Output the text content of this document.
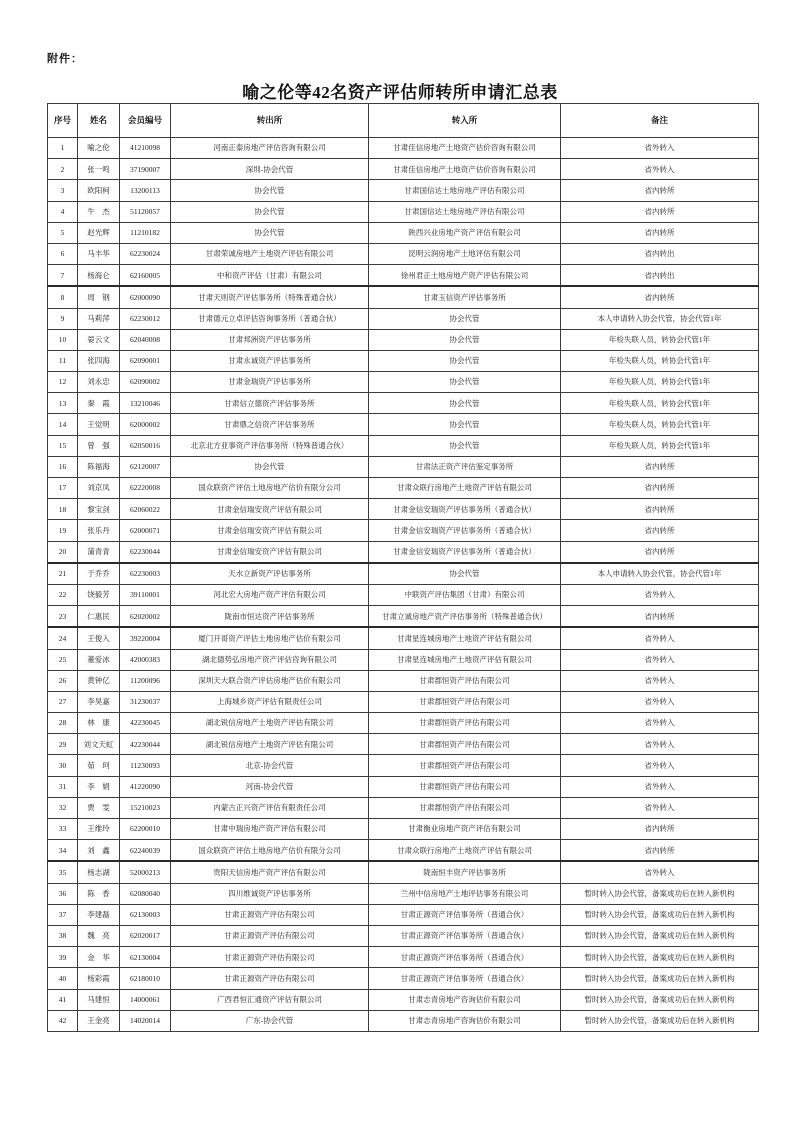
附件：
喻之伦等42名资产评估师转所申请汇总表
序号	姓名	会员编号	转出所	转入所	备注
1	喻之伦	41210098	河南正泰房地产评估咨询有限公司	甘肃佳信房地产土地资产估价咨询有限公司	省外转入
2	张一鸣	37190007	深圳-协会代管	甘肃佳信房地产土地资产估价咨询有限公司	省外转入
3	欧阳柯	13200113	协会代管	甘肃国信达土地房地产评估有限公司	省内转所
4	牛　杰	51120057	协会代管	甘肃国信达土地房地产评估有限公司	省内转所
5	赵光辉	11210182	协会代管	陕西兴业房地产资产评估有限公司	省内转所
6	马丰华	62230024	甘肃荣诚房地产土地资产评估有限公司	昆明云润房地产土地评估有限公司	省内转出
7	杨海仑	62160005	中和资产评估（甘肃）有限公司	徐州君正土地房地产资产评估有限公司	省内转出
8	周　钢	62000090	甘肃天则资产评估事务所（特殊普通合伙）	甘肃玉信资产评估事务所	省内转所
9	马莉萍	62230012	甘肃德元立卓评估咨询事务所（普通合伙）	协会代管	本人申请转入协会代管，协会代管1年
10	晏云文	62040008	甘肃邦洲资产评估事务所	协会代管	年检失联人员，转协会代管1年
11	张四海	62090001	甘肃永诚资产评估事务所	协会代管	年检失联人员，转协会代管1年
12	刘永忠	62090002	甘肃金瑞资产评估事务所	协会代管	年检失联人员，转协会代管1年
13	秦　霞	13210046	甘肃信立德资产评估事务所	协会代管	年检失联人员，转协会代管1年
14	王觉明	62000002	甘肃鼎之信资产评估事务所	协会代管	年检失联人员，转协会代管1年
15	曾　强	62050016	北京北方亚事资产评估事务所（特殊普通合伙）	协会代管	年检失联人员，转协会代管1年
16	陈福海	62120007	协会代管	甘肃法正资产评估鉴定事务所	省内转所
17	刘京凤	62220008	国众联资产评估土地房地产估价有限分公司	甘肃众联行房地产土地资产评估有限公司	省内转所
18	黎宝剑	62060022	甘肃金信瑞安资产评估有限公司	甘肃金信安瑞资产评估事务所（普通合伙）	省内转所
19	张乐丹	62000071	甘肃金信瑞安资产评估有限公司	甘肃金信安瑞资产评估事务所（普通合伙）	省内转所
20	蒲青青	62230044	甘肃金信瑞安资产评估有限公司	甘肃金信安瑞资产评估事务所（普通合伙）	省内转所
21	于乔乔	62230003	天水立新资产评估事务所	协会代管	本人申请转入协会代管，协会代管1年
22	饶毅芳	39110001	河北宏大房地产资产评估有限公司	中联资产评估集团（甘肃）有限公司	省外转入
23	仁惠民	62020002	陇南市恒达资产评估事务所	甘肃立诚房地产资产评估事务所（特殊普通合伙）	省内转所
24	王俊入	39220004	厦门开哥资产评估土地房地产估价有限公司	甘肃星连城房地产土地资产评估有限公司	省外转入
25	董爱冰	42000383	湖北德势弘房地产资产评估咨询有限公司	甘肃星连城房地产土地资产评估有限公司	省外转入
26	黄钟亿	11200096	深圳天大联合资产评估房地产估价有限公司	甘肃郡恒资产评估有限公司	省外转入
27	李昊嘉	31230037	上海城乡资产评估有限责任公司	甘肃郡恒资产评估有限公司	省外转入
28	林　康	42230045	湖北锐信房地产土地资产评估有限公司	甘肃郡恒资产评估有限公司	省外转入
29	刘文天虹	42230044	湖北锐信房地产土地资产评估有限公司	甘肃郡恒资产评估有限公司	省外转入
30	茹　珂	11230093	北京-协会代管	甘肃郡恒资产评估有限公司	省外转入
31	李　娟	41220090	河南-协会代管	甘肃郡恒资产评估有限公司	省外转入
32	贾　雯	15210023	内蒙古正兴资产评估有限责任公司	甘肃郡恒资产评估有限公司	省外转入
33	王维玲	62200010	甘肃中瑞房地产资产评估有限公司	甘肃衡业房地产资产评估有限公司	省内转所
34	刘　鑫	62240039	国众联资产评估土地房地产估价有限分公司	甘肃众联行房地产土地资产评估有限公司	省内转所
35	杨志湖	52000213	贵阳天信房地产资产评估有限公司	陇南恒丰资产评估事务所	省外转入
36	陈　香	62080040	四川维诚资产评估事务所	兰州中信房地产土地评估事务有限公司	暂时转入协会代管，备案成功后在转入新机构
37	李建磊	62130003	甘肃正源资产评估有限公司	甘肃正源资产评估事务所（普通合伙）	暂时转入协会代管，备案成功后在转入新机构
38	魏　亮	62020017	甘肃正源资产评估有限公司	甘肃正源资产评估事务所（普通合伙）	暂时转入协会代管，备案成功后在转入新机构
39	金　华	62130004	甘肃正源资产评估有限公司	甘肃正源资产评估事务所（普通合伙）	暂时转入协会代管，备案成功后在转入新机构
40	杨彩霞	62180010	甘肃正源资产评估有限公司	甘肃正源资产评估事务所（普通合伙）	暂时转入协会代管，备案成功后在转入新机构
41	马建恒	14000061	广西君恒汇通资产评估有限公司	甘肃志青房地产咨询估价有限公司	暂时转入协会代管，备案成功后在转入新机构
42	王金亮	14020014	广东-协会代管	甘肃志青房地产咨询估价有限公司	暂时转入协会代管，备案成功后在转入新机构
